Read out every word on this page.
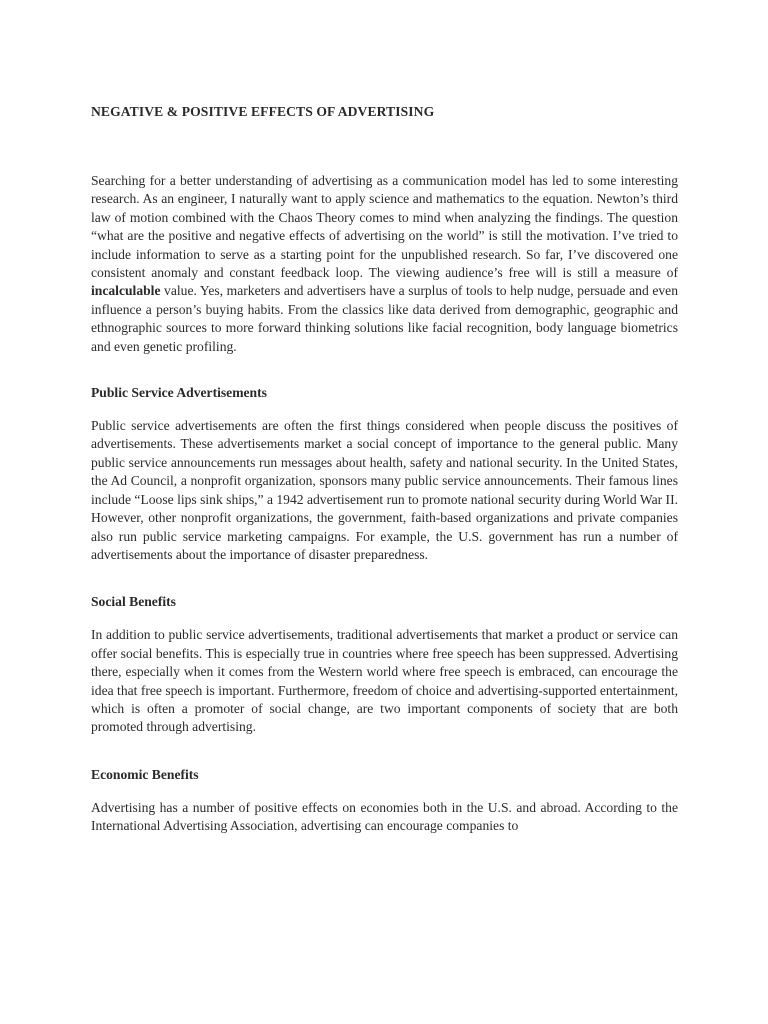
NEGATIVE & POSITIVE EFFECTS OF ADVERTISING

Searching for a better understanding of advertising as a communication model has led to some interesting research. As an engineer, I naturally want to apply science and mathematics to the equation. Newton’s third law of motion combined with the Chaos Theory comes to mind when analyzing the findings. The question “what are the positive and negative effects of advertising on the world” is still the motivation. I’ve tried to include information to serve as a starting point for the unpublished research. So far, I’ve discovered one consistent anomaly and constant feedback loop. The viewing audience’s free will is still a measure of incalculable value. Yes, marketers and advertisers have a surplus of tools to help nudge, persuade and even influence a person’s buying habits. From the classics like data derived from demographic, geographic and ethnographic sources to more forward thinking solutions like facial recognition, body language biometrics and even genetic profiling.

Public Service Advertisements

Public service advertisements are often the first things considered when people discuss the positives of advertisements. These advertisements market a social concept of importance to the general public. Many public service announcements run messages about health, safety and national security. In the United States, the Ad Council, a nonprofit organization, sponsors many public service announcements. Their famous lines include “Loose lips sink ships,” a 1942 advertisement run to promote national security during World War II. However, other nonprofit organizations, the government, faith-based organizations and private companies also run public service marketing campaigns. For example, the U.S. government has run a number of advertisements about the importance of disaster preparedness.

Social Benefits

In addition to public service advertisements, traditional advertisements that market a product or service can offer social benefits. This is especially true in countries where free speech has been suppressed. Advertising there, especially when it comes from the Western world where free speech is embraced, can encourage the idea that free speech is important. Furthermore, freedom of choice and advertising-supported entertainment, which is often a promoter of social change, are two important components of society that are both promoted through advertising.

Economic Benefits

Advertising has a number of positive effects on economies both in the U.S. and abroad. According to the International Advertising Association, advertising can encourage companies to
